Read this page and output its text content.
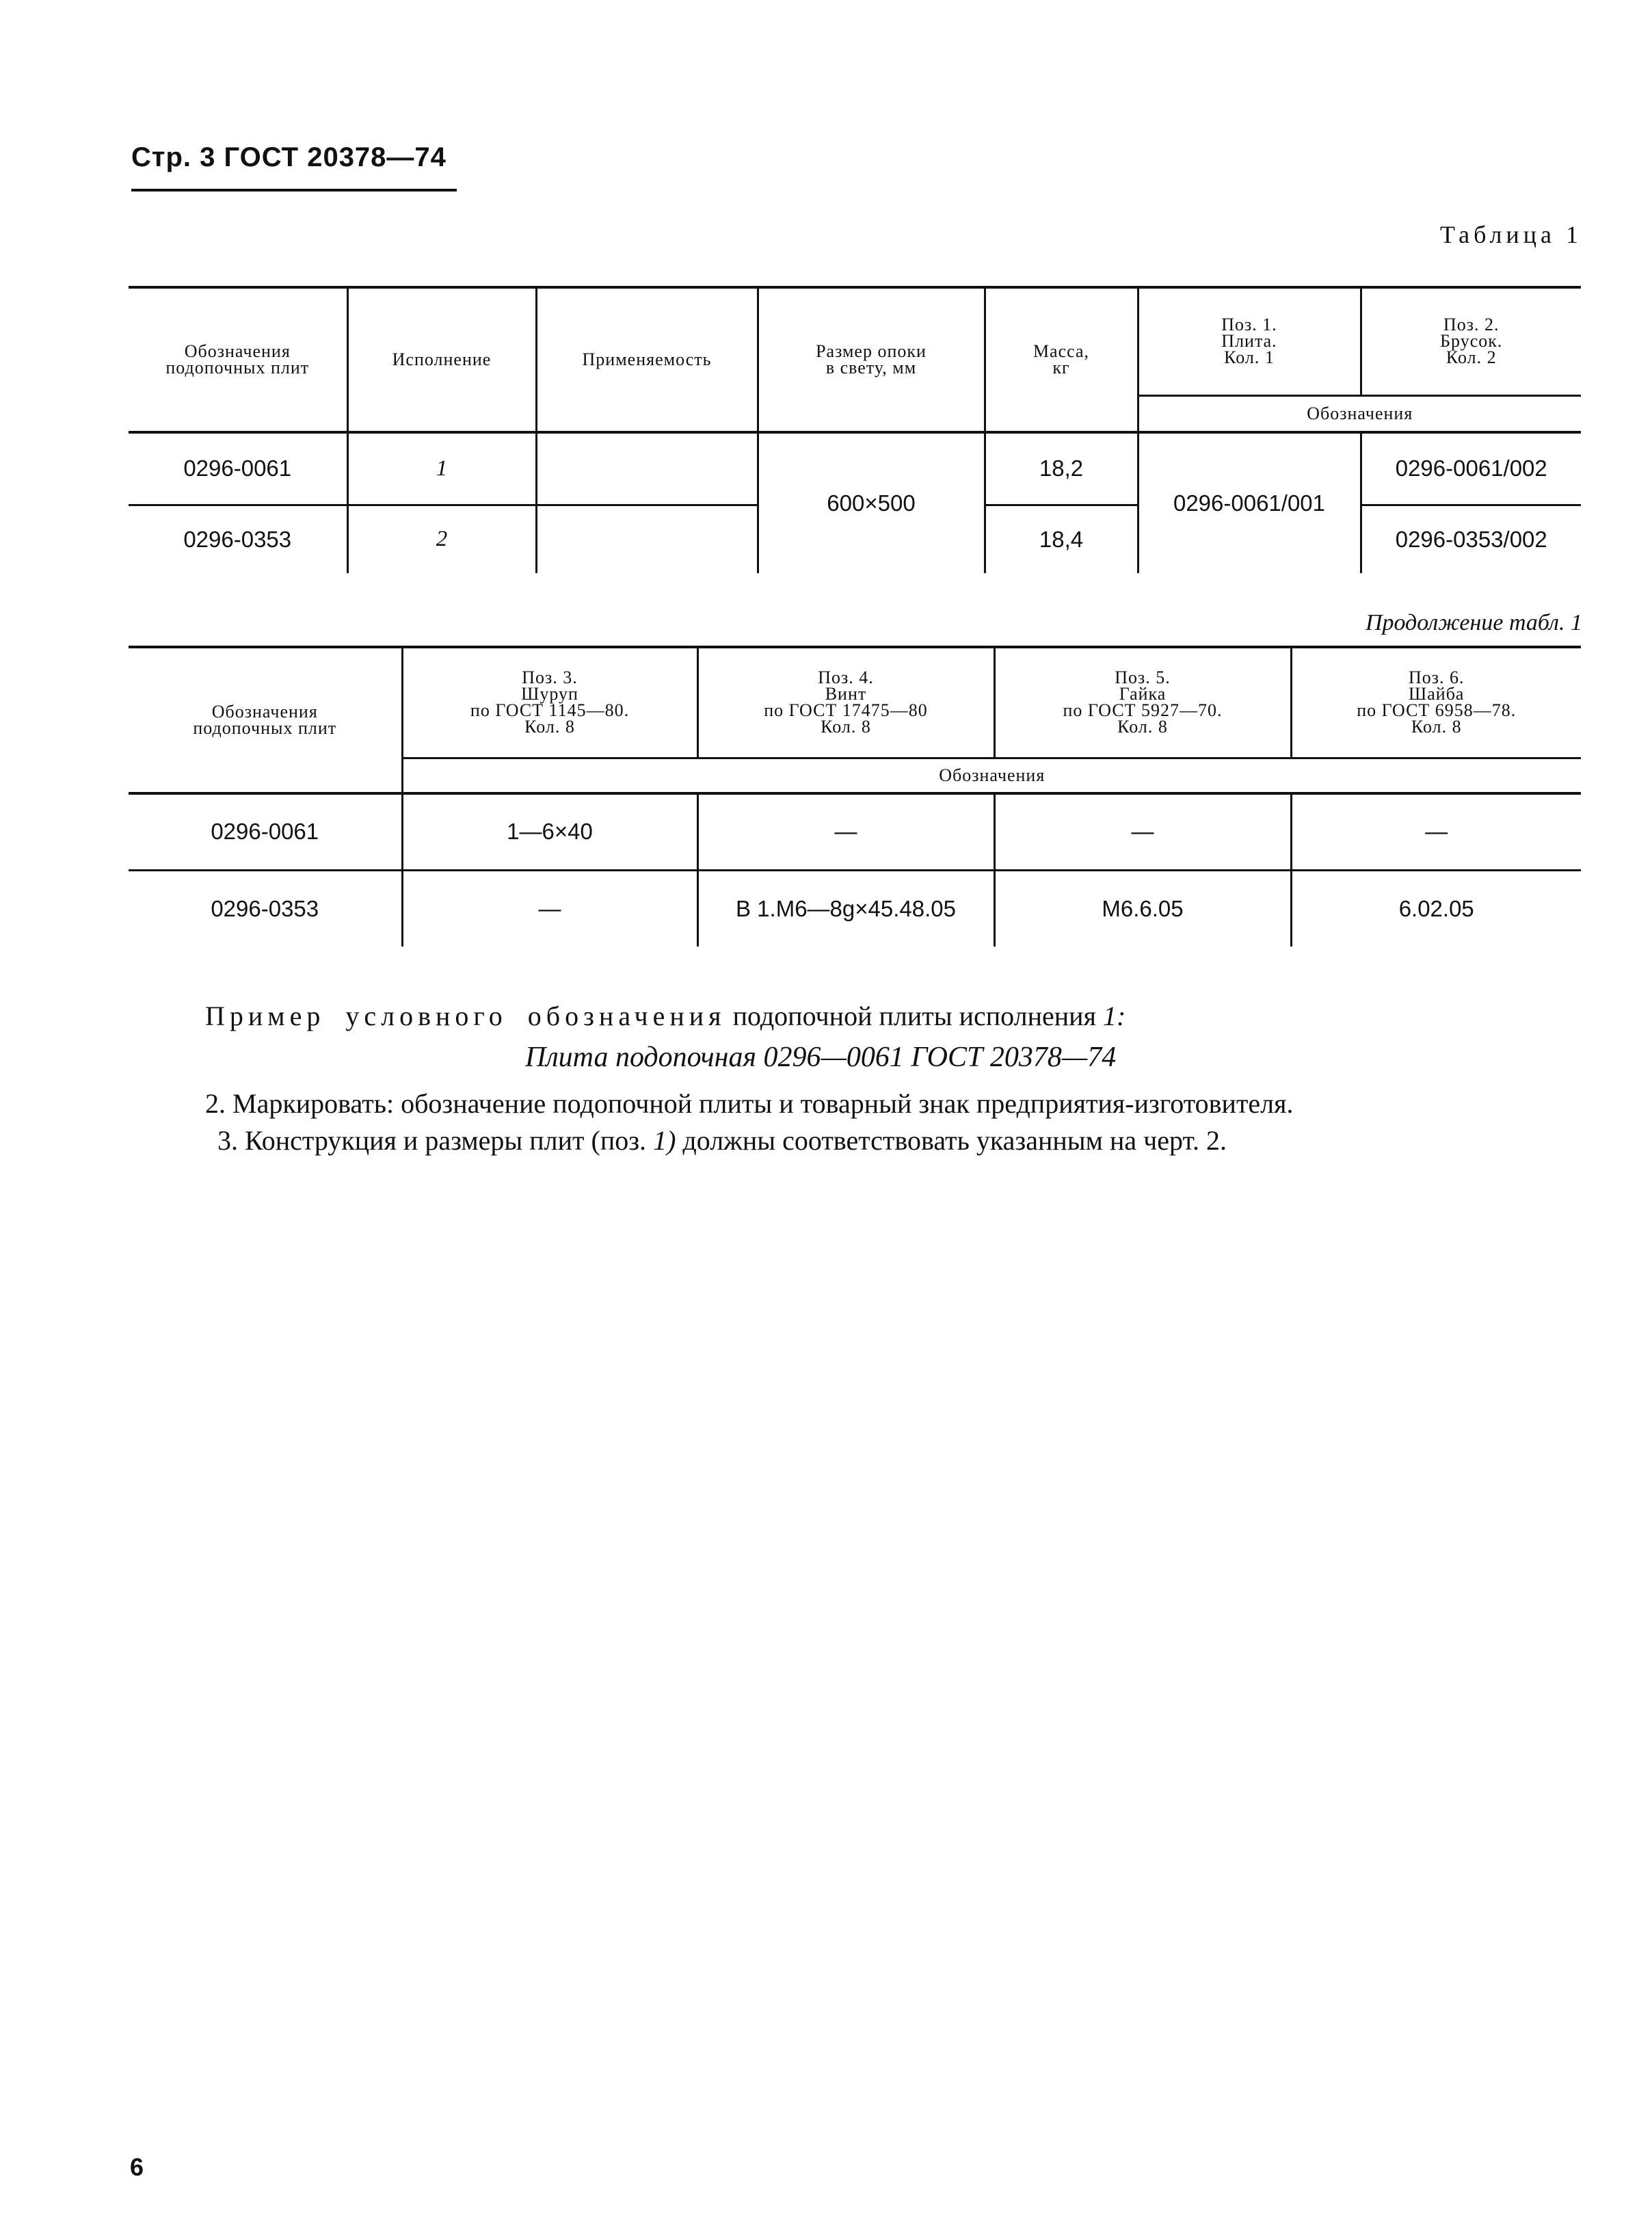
Стр. 3 ГОСТ 20378—74
Таблица 1
Обозначения
подопочных плит	Исполнение	Применяемость	Размер опоки
в свету, мм	Масса,
кг	Поз. 1.
Плита.
Кол. 1	Поз. 2.
Брусок.
Кол. 2
					Обозначения	
0296-0061	1		600×500	18,2	0296-0061/001	0296-0061/002
0296-0353	2			18,4		0296-0353/002
Продолжение табл. 1
Обозначения
подопочных плит	Поз. 3.
Шуруп
по ГОСТ 1145—80.
Кол. 8	Поз. 4.
Винт
по ГОСТ 17475—80
Кол. 8	Поз. 5.
Гайка
по ГОСТ 5927—70.
Кол. 8	Поз. 6.
Шайба
по ГОСТ 6958—78.
Кол. 8
	Обозначения			
0296-0061	1—6×40	—	—	—
0296-0353	—	В 1.М6—8g×45.48.05	М6.6.05	6.02.05
Пример условного обозначения подопочной плиты исполнения 1:
Плита подопочная 0296—0061 ГОСТ 20378—74
2. Маркировать: обозначение подопочной плиты и товарный знак предприятия-изготовителя.
3. Конструкция и размеры плит (поз. 1) должны соответствовать указанным на черт. 2.
6
